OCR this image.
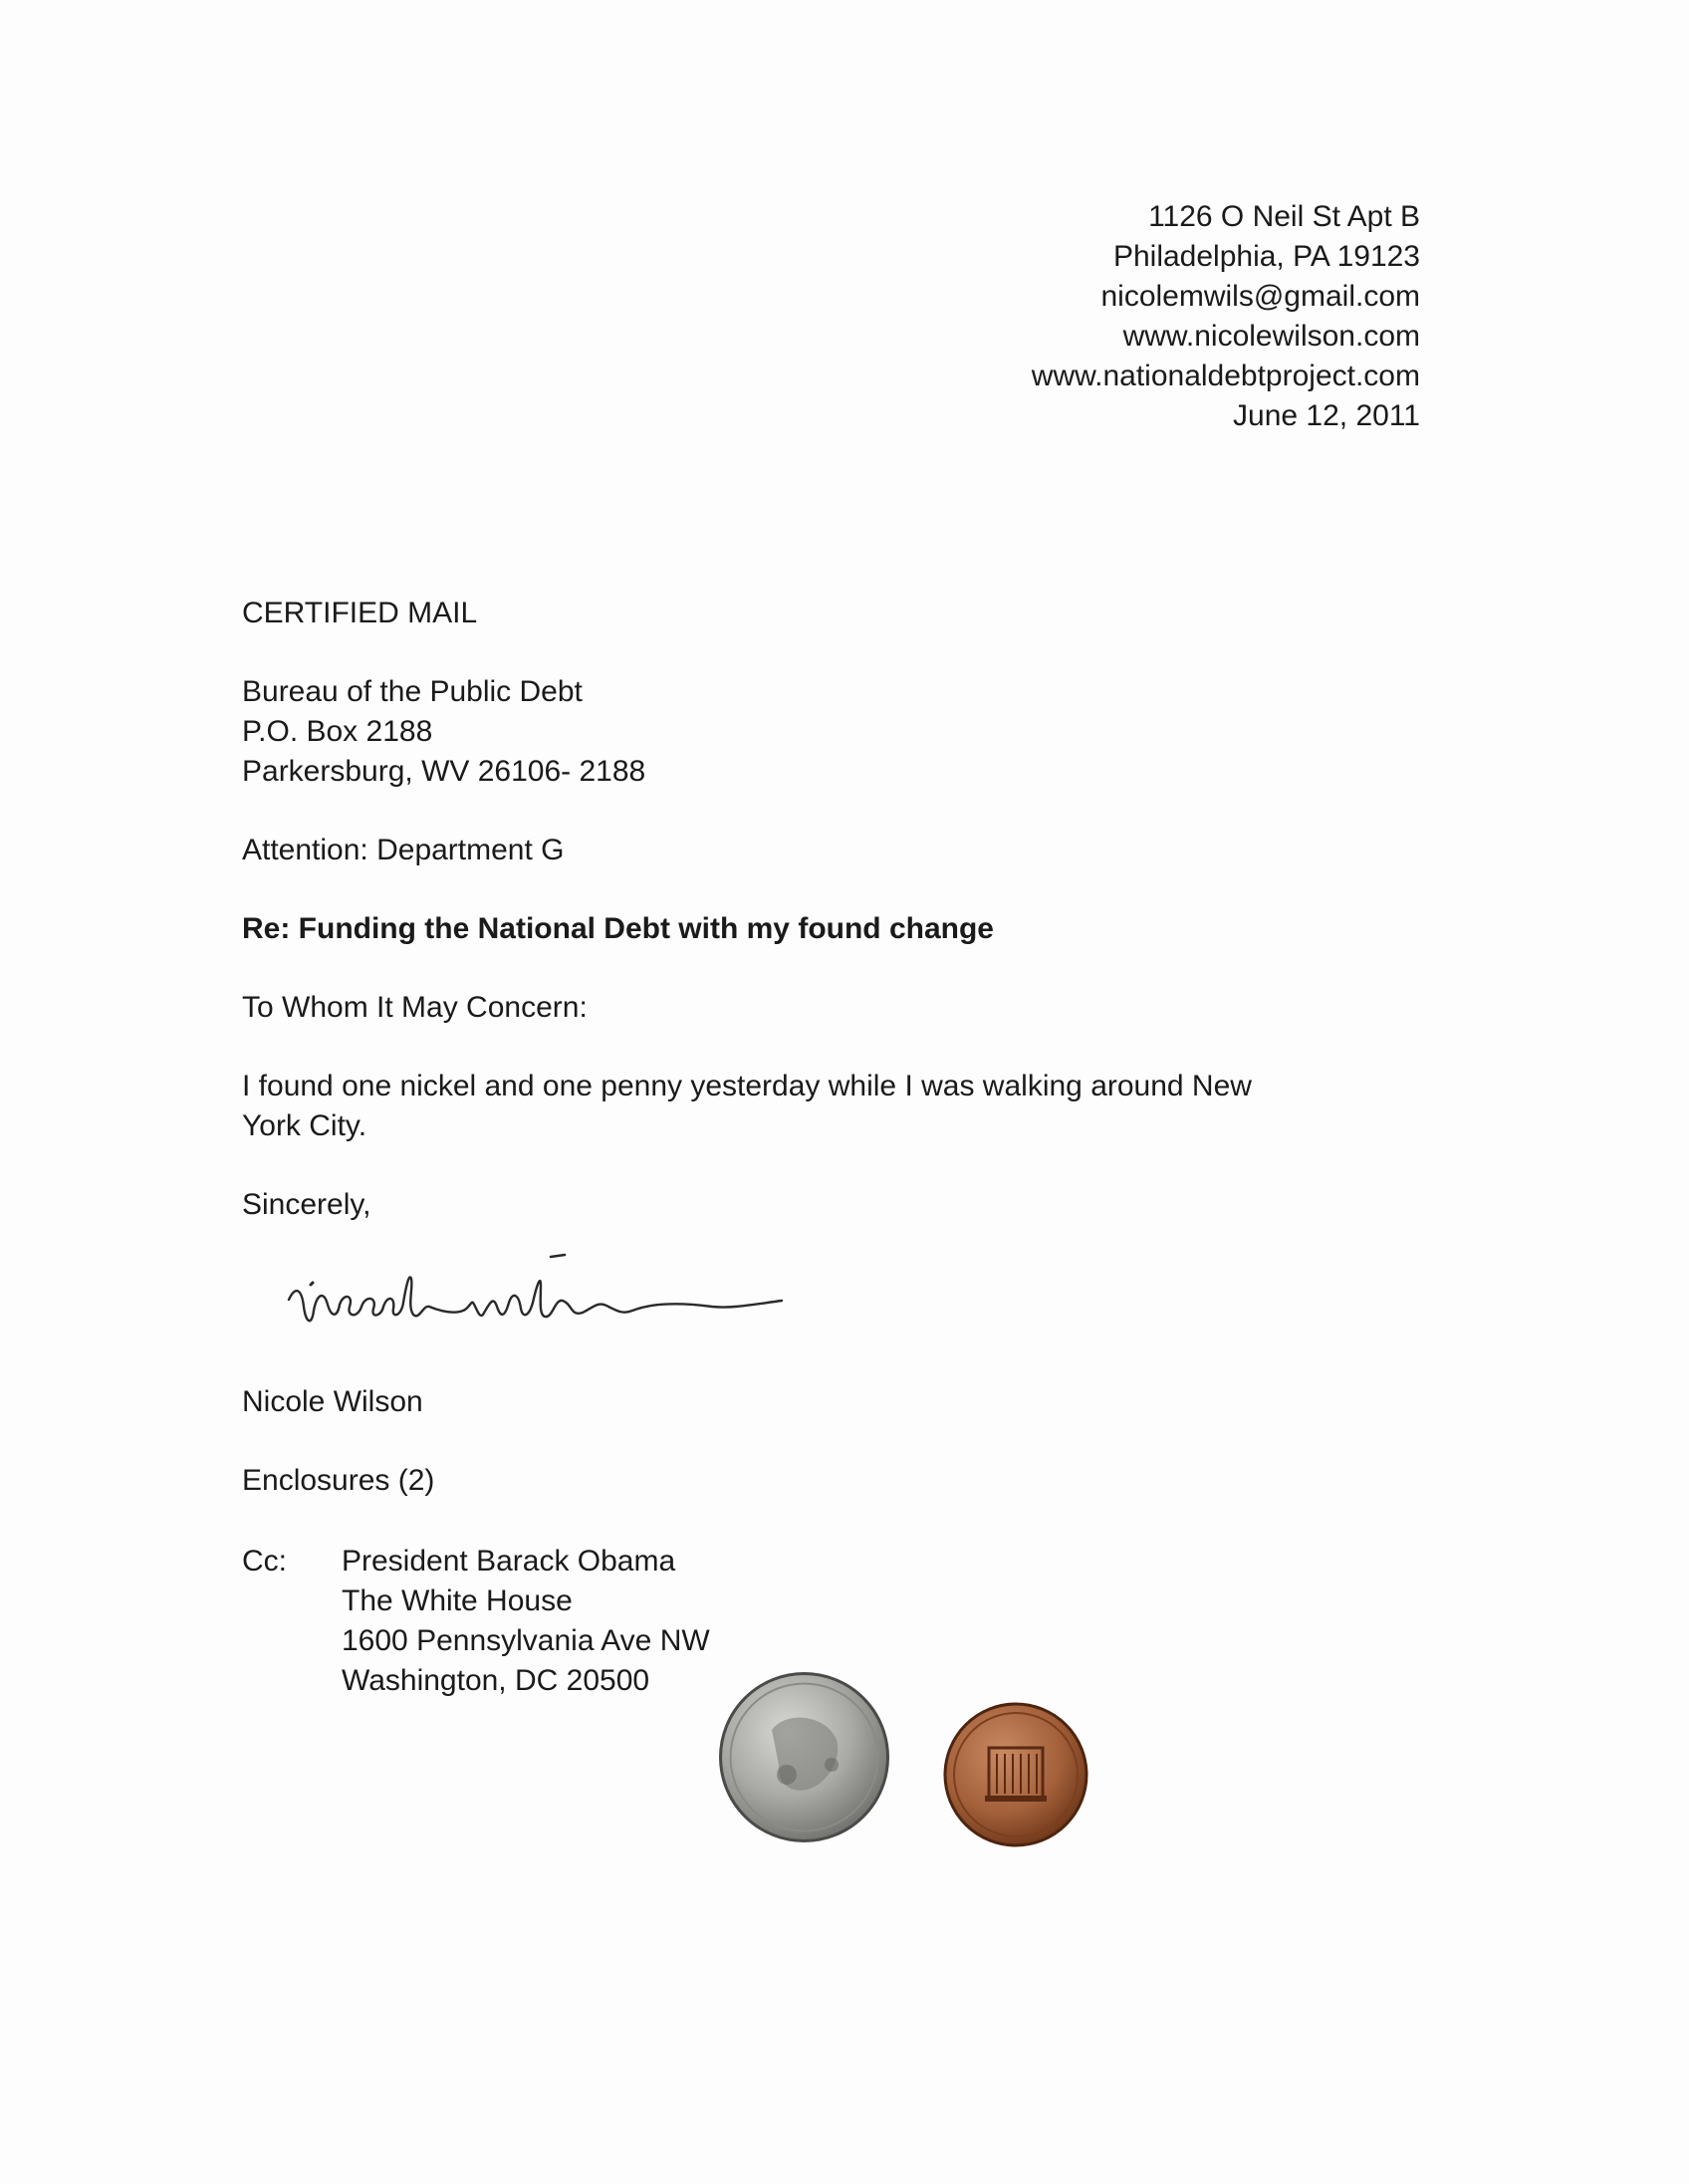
1126 O Neil St Apt B
Philadelphia, PA 19123
nicolemwils@gmail.com
www.nicolewilson.com
www.nationaldebtproject.com
June 12, 2011
CERTIFIED MAIL
Bureau of the Public Debt
P.O. Box 2188
Parkersburg, WV 26106- 2188
Attention: Department G
Re: Funding the National Debt with my found change
To Whom It May Concern:
I found one nickel and one penny yesterday while I was walking around New
York City.
Sincerely,
Nicole Wilson
Enclosures (2)
Cc: President Barack Obama
The White House
1600 Pennsylvania Ave NW
Washington, DC 20500
